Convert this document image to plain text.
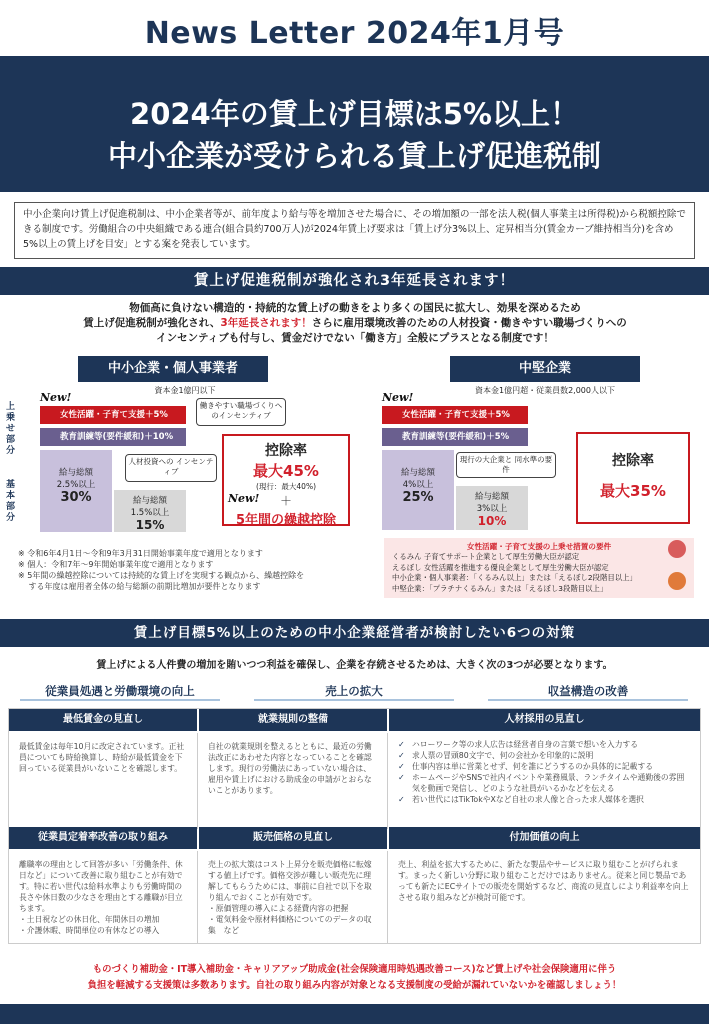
News Letter 2024年1月号
2024年の賃上げ目標は5%以上！
中小企業が受けられる賃上げ促進税制
中小企業向け賃上げ促進税制は、中小企業者等が、前年度より給与等を増加させた場合に、その増加額の一部を法人税(個人事業主は所得税)から税額控除できる制度です。労働組合の中央組織である連合(組合員約700万人)が2024年賃上げ要求は「賃上げ分3%以上、定昇相当分(賃金カーブ維持相当分)を含め　5%以上の賃上げを目安」とする案を発表しています。
賃上げ促進税制が強化され3年延長されます！
物価高に負けない構造的・持続的な賃上げの動きをより多くの国民に拡大し、効果を深めるため
賃上げ促進税制が強化され、3年延長されます！さらに雇用環境改善のための人材投資・働きやすい職場づくりへの
インセンティブも付与し、賃金だけでない「働き方」全般にプラスとなる制度です！
中小企業・個人事業者
資本金1億円以下
上乗せ部分
基本部分
New!
女性活躍・子育て支援＋5%
教育訓練等(要件緩和)＋10%
給与総額
2.5%以上
30%	給与総額
1.5%以上
15%
働きやすい職場づくりへのインセンティブ
人材投資への インセンティブ
控除率
最大45%
(現行：最大40%)
＋
5年間の繰越控除
New!
※ 令和6年4月1日～令和9年3月31日開始事業年度で適用となります
※ 個人：令和7年～9年開始事業年度で適用となります
※ 5年間の繰越控除については持続的な賃上げを実現する観点から、繰越控除を
　 する年度は雇用者全体の給与総額の前期比増加が要件となります
中堅企業
資本金1億円超・従業員数2,000人以下
New!
女性活躍・子育て支援＋5%
教育訓練等(要件緩和)＋5%
給与総額
4%以上
25%	給与総額
3%以上
10%
現行の大企業と 同水準の要件
控除率
最大35%
女性活躍・子育て支援の上乗せ措置の要件
くるみん 子育てサポート企業として厚生労働大臣が認定
えるぼし 女性活躍を推進する優良企業として厚生労働大臣が認定
中小企業・個人事業者：「くるみん以上」または「えるぼし2段階目以上」
中堅企業：「プラチナくるみん」または「えるぼし3段階目以上」
賃上げ目標5%以上のための中小企業経営者が検討したい6つの対策
賃上げによる人件費の増加を賄いつつ利益を確保し、企業を存続させるためは、大きく次の3つが必要となります。
従業員処遇と労働環境の向上	売上の拡大	収益構造の改善
最低賃金の見直し	就業規則の整備	人材採用の見直し
最低賃金は毎年10月に改定されています。正社員についても時給換算し、時給が最低賃金を下回っている従業員がいないことを確認します。
自社の就業規則を整えるとともに、最近の労働法改正にあわせた内容となっていることを確認します。現行の労働法にあっていない場合は、雇用や賃上げにおける助成金の申請がとおらないことがあります。
✓ ハローワーク等の求人広告は経営者自身の言葉で想いを入力する
✓ 求人票の冒頭80文字で、何の会社かを印象的に説明
✓ 仕事内容は単に営業とせず、何を誰にどうするのか具体的に記載する
✓ ホームページやSNSで社内イベントや業務風景、ランチタイムや通勤後の雰囲気を動画で発信し、どのような社員がいるかなどを伝える
✓ 若い世代にはTikTokやXなど自社の求人像と合った求人媒体を選択
従業員定着率改善の取り組み	販売価格の見直し	付加価値の向上
離職率の理由として回答が多い「労働条件、休日など」について改善に取り組むことが有効です。特に若い世代は給料水準よりも労働時間の長さや休日数の少なさを理由とする離職が目立ちます。
・土日祝などの休日化、年間休日の増加
・介護休暇、時間単位の有休などの導入
売上の拡大策はコスト上昇分を販売価格に転嫁する値上げです。価格交渉が難しい販売先に理解してもらうためには、事前に自社で以下を取り組んでおくことが有効です。
・原価管理の導入による経費内容の把握
・電気料金や原材料価格についてのデータの収集　など
売上、利益を拡大するために、新たな製品やサービスに取り組むことがげられます。まったく新しい分野に取り組むことだけではありません。従来と同じ製品であっても新たにECサイトでの販売を開始するなど、商流の見直しにより利益率を向上させる取り組みなどが検討可能です。
ものづくり補助金・IT導入補助金・キャリアアップ助成金(社会保険適用時処遇改善コース)など賃上げや社会保険適用に伴う
負担を軽減する支援策は多数あります。自社の取り組み内容が対象となる支援制度の受給が漏れていないかを確認しましょう！
